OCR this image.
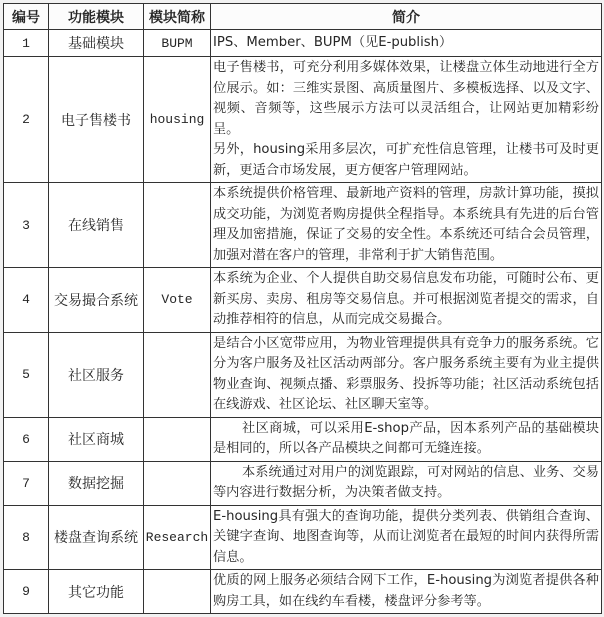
编号	功能模块	模块简称	简介
1	基础模块	BUPM	IPS、Member、BUPM（见E-publish）

2	电子售楼书	housing	电子售楼书，可充分利用多媒体效果，让楼盘立体生动地进行全方位展示。如：三维实景图、高质量图片、多模板选择、以及文字、视频、音频等，这些展示方法可以灵活组合，让网站更加精彩纷呈。

另外，housing采用多层次，可扩充性信息管理，让楼书可及时更新，更适合市场发展，更方便客户管理网站。

3	在线销售		本系统提供价格管理、最新地产资料的管理，房款计算功能，摸拟成交功能，为浏览者购房提供全程指导。本系统具有先进的后台管理及加密措施，保证了交易的安全性。本系统还可结合会员管理，加强对潜在客户的管理，非常利于扩大销售范围。

4	交易撮合系统	Vote	本系统为企业、个人提供自助交易信息发布功能，可随时公布、更新买房、卖房、租房等交易信息。并可根据浏览者提交的需求，自动推荐相符的信息，从而完成交易撮合。

5	社区服务		是结合小区宽带应用，为物业管理提供具有竞争力的服务系统。它分为客户服务及社区活动两部分。客户服务系统主要有为业主提供物业查询、视频点播、彩票服务、投拆等功能；社区活动系统包括在线游戏、社区论坛、社区聊天室等。

6	社区商城		社区商城，可以采用E-shop产品，因本系列产品的基础模块是相同的，所以各产品模块之间都可无缝连接。

7	数据挖掘		本系统通过对用户的浏览跟踪，可对网站的信息、业务、交易等内容进行数据分析，为决策者做支持。

8	楼盘查询系统	Research	E-housing具有强大的查询功能，提供分类列表、供销组合查询、关键字查询、地图查询等，从而让浏览者在最短的时间内获得所需信息。

9	其它功能		优质的网上服务必须结合网下工作，E-housing为浏览者提供各种购房工具，如在线约车看楼，楼盘评分参考等。
